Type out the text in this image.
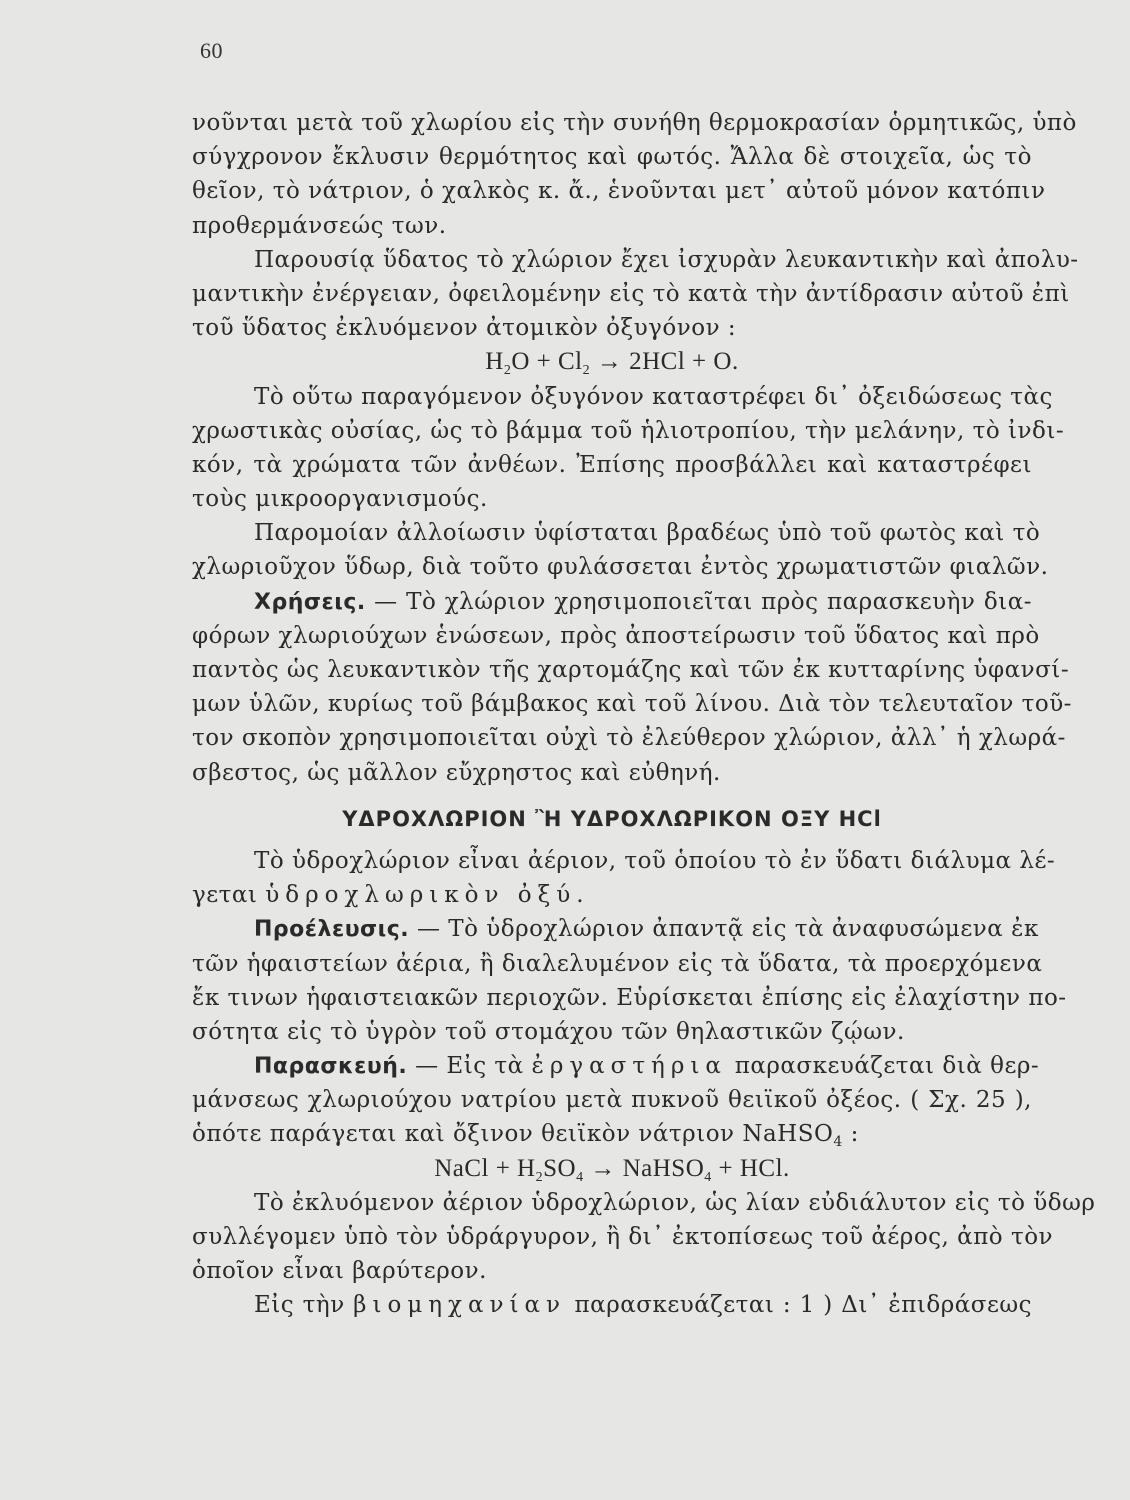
60
νοῦνται μετὰ τοῦ χλωρίου εἰς τὴν συνήθη θερμοκρασίαν ὁρμητικῶς, ὑπὸ
σύγχρονον ἔκλυσιν θερμότητος καὶ φωτός. Ἄλλα δὲ στοιχεῖα, ὡς τὸ
θεῖον, τὸ νάτριον, ὁ χαλκὸς κ. ἄ., ἑνοῦνται μετ᾽ αὐτοῦ μόνον κατόπιν
προθερμάνσεώς των.
Παρουσίᾳ ὕδατος τὸ χλώριον ἔχει ἰσχυρὰν λευκαντικὴν καὶ ἀπολυ-
μαντικὴν ἐνέργειαν, ὀφειλομένην εἰς τὸ κατὰ τὴν ἀντίδρασιν αὐτοῦ ἐπὶ
τοῦ ὕδατος ἐκλυόμενον ἀτομικὸν ὀξυγόνον :
$H_2O + Cl_2 \to 2HCl + O$.
Τὸ οὕτω παραγόμενον ὀξυγόνον καταστρέφει δι᾽ ὀξειδώσεως τὰς
χρωστικὰς οὐσίας, ὡς τὸ βάμμα τοῦ ἡλιοτροπίου, τὴν μελάνην, τὸ ἰνδι-
κόν, τὰ χρώματα τῶν ἀνθέων. Ἐπίσης προσβάλλει καὶ καταστρέφει
τοὺς μικροοργανισμούς.
Παρομοίαν ἀλλοίωσιν ὑφίσταται βραδέως ὑπὸ τοῦ φωτὸς καὶ τὸ
χλωριοῦχον ὕδωρ, διὰ τοῦτο φυλάσσεται ἐντὸς χρωματιστῶν φιαλῶν.
Χρήσεις. — Τὸ χλώριον χρησιμοποιεῖται πρὸς παρασκευὴν δια-
φόρων χλωριούχων ἑνώσεων, πρὸς ἀποστείρωσιν τοῦ ὕδατος καὶ πρὸ
παντὸς ὡς λευκαντικὸν τῆς χαρτομάζης καὶ τῶν ἐκ κυτταρίνης ὑφανσί-
μων ὑλῶν, κυρίως τοῦ βάμβακος καὶ τοῦ λίνου. Διὰ τὸν τελευταῖον τοῦ-
τον σκοπὸν χρησιμοποιεῖται οὐχὶ τὸ ἐλεύθερον χλώριον, ἀλλ᾽ ἡ χλωρά-
σβεστος, ὡς μᾶλλον εὔχρηστος καὶ εὐθηνή.
ΥΔΡΟΧΛΩΡΙΟΝ Ἢ ΥΔΡΟΧΛΩΡΙΚΟΝ ΟΞΥ HCl
Τὸ ὑδροχλώριον εἶναι ἀέριον, τοῦ ὁποίου τὸ ἐν ὕδατι διάλυμα λέ-
γεται ὑδροχλωρικὸν ὀξύ.
Προέλευσις. — Τὸ ὑδροχλώριον ἀπαντᾷ εἰς τὰ ἀναφυσώμενα ἐκ
τῶν ἡφαιστείων ἀέρια, ἢ διαλελυμένον εἰς τὰ ὕδατα, τὰ προερχόμενα
ἔκ τινων ἡφαιστειακῶν περιοχῶν. Εὑρίσκεται ἐπίσης εἰς ἐλαχίστην πο-
σότητα εἰς τὸ ὑγρὸν τοῦ στομάχου τῶν θηλαστικῶν ζῴων.
Παρασκευή. — Εἰς τὰ ἐργαστήρια παρασκευάζεται διὰ θερ-
μάνσεως χλωριούχου νατρίου μετὰ πυκνοῦ θειϊκοῦ ὀξέος. ( Σχ. 25 ),
ὁπότε παράγεται καὶ ὄξινον θειϊκὸν νάτριον NaHSO$_4$ :
NaCl + $H_2SO_4$ → NaHSO$_4$ + HCl.
Τὸ ἐκλυόμενον ἀέριον ὑδροχλώριον, ὡς λίαν εὐδιάλυτον εἰς τὸ ὕδωρ
συλλέγομεν ὑπὸ τὸν ὑδράργυρον, ἢ δι᾽ ἐκτοπίσεως τοῦ ἀέρος, ἀπὸ τὸν
ὁποῖον εἶναι βαρύτερον.
Εἰς τὴν βιομηχανίαν παρασκευάζεται : 1 ) Δι᾽ ἐπιδράσεως
